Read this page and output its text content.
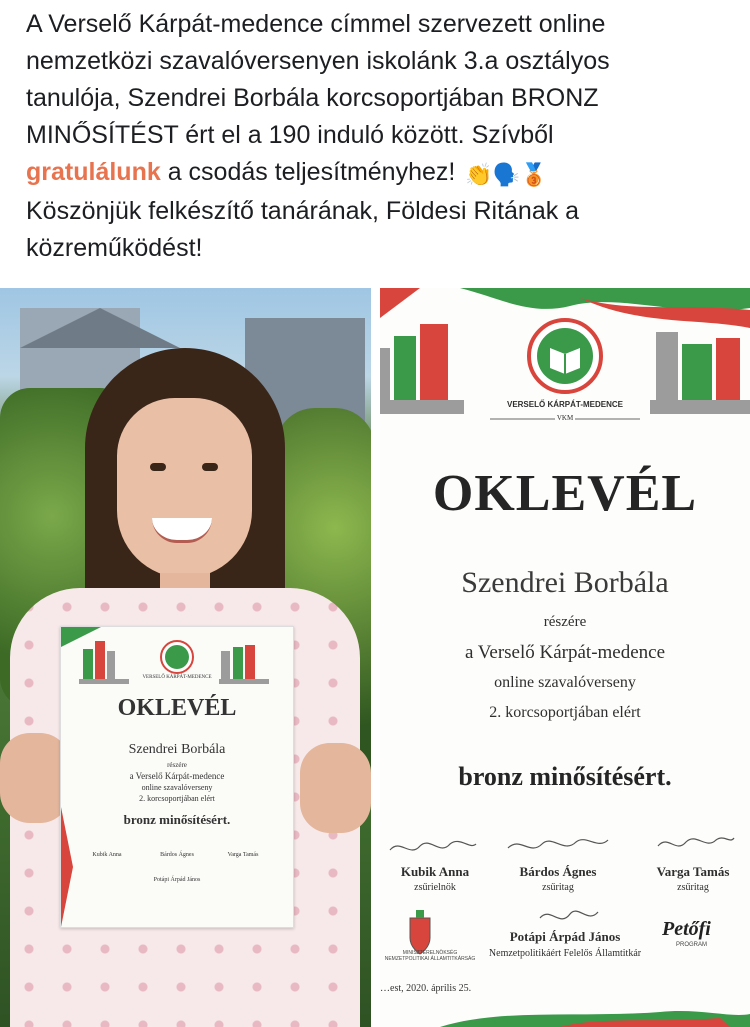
A Verselő Kárpát-medence címmel szervezett online
nemzetközi szavalóversenyen iskolánk 3.a osztályos
tanulója, Szendrei Borbála korcsoportjában BRONZ
MINŐSÍTÉST ért el a 190 induló között. Szívből
gratulálunk a csodás teljesítményhez! 👏🗣️🥉
Köszönjük felkészítő tanárának, Földesi Ritának a
közreműködést!
VERSELŐ KÁRPÁT-MEDENCE
OKLEVÉL
Szendrei Borbála
részére
a Verselő Kárpát-medence
online szavalóverseny
2. korcsoportjában elért
bronz minősítésért.
Kubik Anna	Bárdos Ágnes	Varga Tamás
Potápi Árpád János
VERSELŐ KÁRPÁT-MEDENCE
VKM
OKLEVÉL
Szendrei Borbála
részére
a Verselő Kárpát-medence
online szavalóverseny
2. korcsoportjában elért
bronz minősítésért.
Kubik Anna
zsűrielnök
Bárdos Ágnes
zsűritag
Varga Tamás
zsűritag
Potápi Árpád János
Nemzetpolitikáért Felelős Államtitkár
MINISZTERELNÖKSÉG
NEMZETPOLITIKAI ÁLLAMTITKÁRSÁG
Petőfi
PROGRAM
…est, 2020. április 25.
